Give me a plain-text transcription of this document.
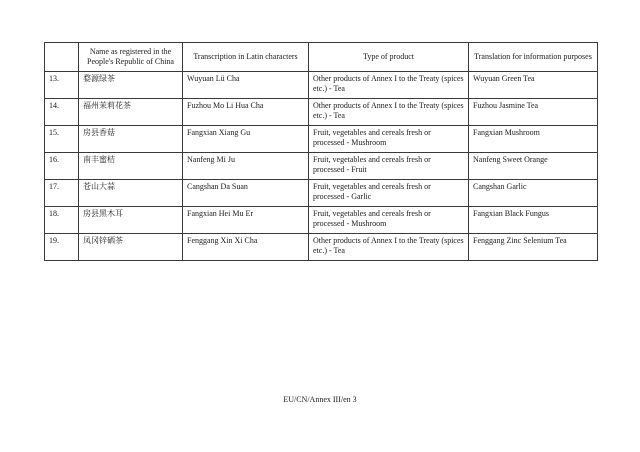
	Name as registered in the People's Republic of China	Transcription in Latin characters	Type of product	Translation for information purposes
13.	婺源绿茶	Wuyuan Lü Cha	Other products of Annex I to the Treaty (spices etc.) - Tea	Wuyuan Green Tea
14.	福州茉莉花茶	Fuzhou Mo Li Hua Cha	Other products of Annex I to the Treaty (spices etc.) - Tea	Fuzhou Jasmine Tea
15.	房县香菇	Fangxian Xiang Gu	Fruit, vegetables and cereals fresh or processed - Mushroom	Fangxian Mushroom
16.	南丰蜜桔	Nanfeng Mi Ju	Fruit, vegetables and cereals fresh or processed - Fruit	Nanfeng Sweet Orange
17.	苍山大蒜	Cangshan Da Suan	Fruit, vegetables and cereals fresh or processed - Garlic	Cangshan Garlic
18.	房县黑木耳	Fangxian Hei Mu Er	Fruit, vegetables and cereals fresh or processed - Mushroom	Fangxian Black Fungus
19.	凤冈锌硒茶	Fenggang Xin Xi Cha	Other products of Annex I to the Treaty (spices etc.) - Tea	Fenggang Zinc Selenium Tea
EU/CN/Annex III/en 3
